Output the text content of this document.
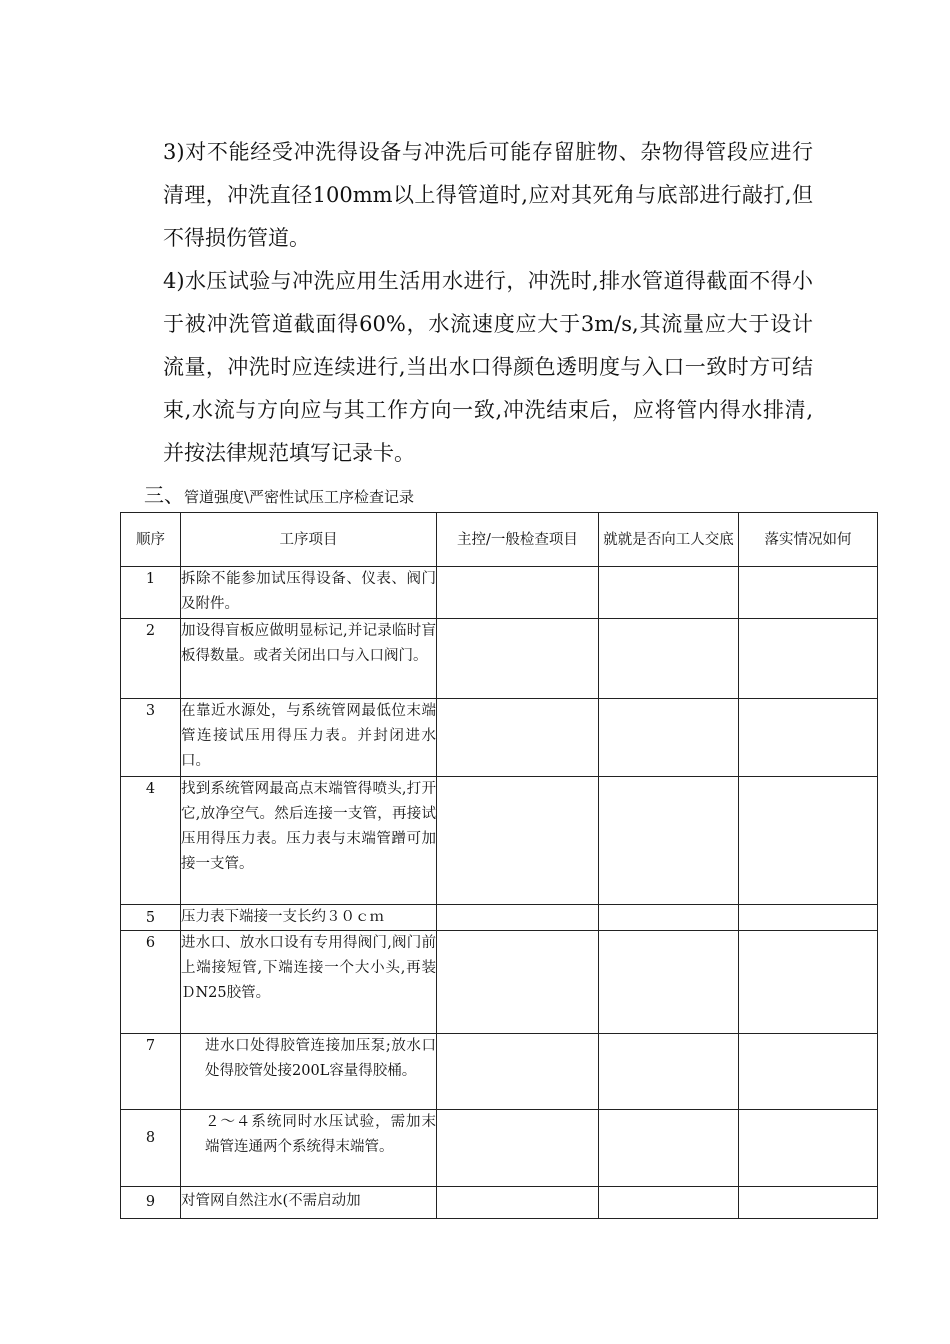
3)对不能经受冲洗得设备与冲洗后可能存留脏物、杂物得管段应进行清理，冲洗直径100mm以上得管道时,应对其死角与底部进行敲打,但不得损伤管道。

4)水压试验与冲洗应用生活用水进行，冲洗时,排水管道得截面不得小于被冲洗管道截面得60%，水流速度应大于3m/s,其流量应大于设计流量，冲洗时应连续进行,当出水口得颜色透明度与入口一致时方可结束,水流与方向应与其工作方向一致,冲洗结束后，应将管内得水排清,并按法律规范填写记录卡。

三、管道强度\严密性试压工序检查记录

顺序	工序项目	主控/一般检查项目	就就是否向工人交底	落实情况如何
1	拆除不能参加试压得设备、仪表、阀门及附件。			
2	加设得盲板应做明显标记,并记录临时盲板得数量。或者关闭出口与入口阀门。			
3	在靠近水源处，与系统管网最低位末端管连接试压用得压力表。并封闭进水口。			
4	找到系统管网最高点末端管得喷头,打开它,放净空气。然后连接一支管，再接试压用得压力表。压力表与末端管蹭可加接一支管。			
5	压力表下端接一支长约３０ｃｍ			
6	进水口、放水口设有专用得阀门,阀门前上端接短管,下端连接一个大小头,再装ＤN25胶管。			
7	进水口处得胶管连接加压泵;放水口处得胶管处接200L容量得胶桶。			
8	２～４系统同时水压试验，需加末端管连通两个系统得末端管。			
9	对管网自然注水(不需启动加			
